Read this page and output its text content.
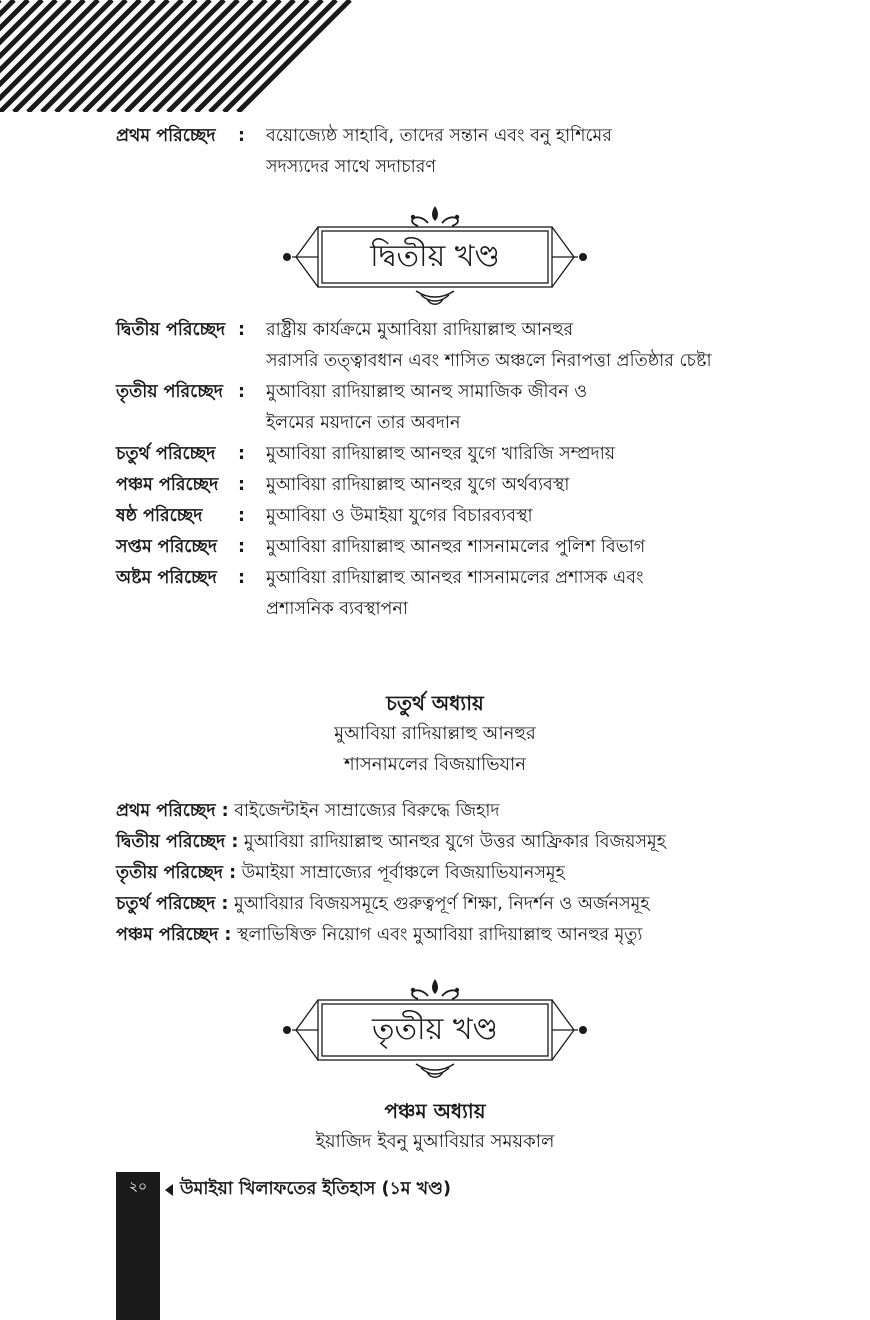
প্রথম পরিচ্ছেদ : বয়োজ্যেষ্ঠ সাহাবি, তাদের সন্তান এবং বনু হাশিমের
সদস্যদের সাথে সদাচারণ
দ্বিতীয় খণ্ড
দ্বিতীয় পরিচ্ছেদ : রাষ্ট্রীয় কার্যক্রমে মুআবিয়া রাদিয়াল্লাহু আনহুর
সরাসরি তত্ত্বাবধান এবং শাসিত অঞ্চলে নিরাপত্তা প্রতিষ্ঠার চেষ্টা
তৃতীয় পরিচ্ছেদ : মুআবিয়া রাদিয়াল্লাহু আনহু সামাজিক জীবন ও
ইলমের ময়দানে তার অবদান
চতুর্থ পরিচ্ছেদ : মুআবিয়া রাদিয়াল্লাহু আনহুর যুগে খারিজি সম্প্রদায়
পঞ্চম পরিচ্ছেদ : মুআবিয়া রাদিয়াল্লাহু আনহুর যুগে অর্থব্যবস্থা
ষষ্ঠ পরিচ্ছেদ : মুআবিয়া ও উমাইয়া যুগের বিচারব্যবস্থা
সপ্তম পরিচ্ছেদ : মুআবিয়া রাদিয়াল্লাহু আনহুর শাসনামলের পুলিশ বিভাগ
অষ্টম পরিচ্ছেদ : মুআবিয়া রাদিয়াল্লাহু আনহুর শাসনামলের প্রশাসক এবং
প্রশাসনিক ব্যবস্থাপনা
চতুর্থ অধ্যায়
মুআবিয়া রাদিয়াল্লাহু আনহুর
শাসনামলের বিজয়াভিযান
প্রথম পরিচ্ছেদ : বাইজেন্টাইন সাম্রাজ্যের বিরুদ্ধে জিহাদ
দ্বিতীয় পরিচ্ছেদ : মুআবিয়া রাদিয়াল্লাহু আনহুর যুগে উত্তর আফ্রিকার বিজয়সমূহ
তৃতীয় পরিচ্ছেদ : উমাইয়া সাম্রাজ্যের পূর্বাঞ্চলে বিজয়াভিযানসমূহ
চতুর্থ পরিচ্ছেদ : মুআবিয়ার বিজয়সমূহে গুরুত্বপূর্ণ শিক্ষা, নিদর্শন ও অর্জনসমূহ
পঞ্চম পরিচ্ছেদ : স্থলাভিষিক্ত নিয়োগ এবং মুআবিয়া রাদিয়াল্লাহু আনহুর মৃত্যু
তৃতীয় খণ্ড
পঞ্চম অধ্যায়
ইয়াজিদ ইবনু মুআবিয়ার সময়কাল
২০	উমাইয়া খিলাফতের ইতিহাস (১ম খণ্ড)
